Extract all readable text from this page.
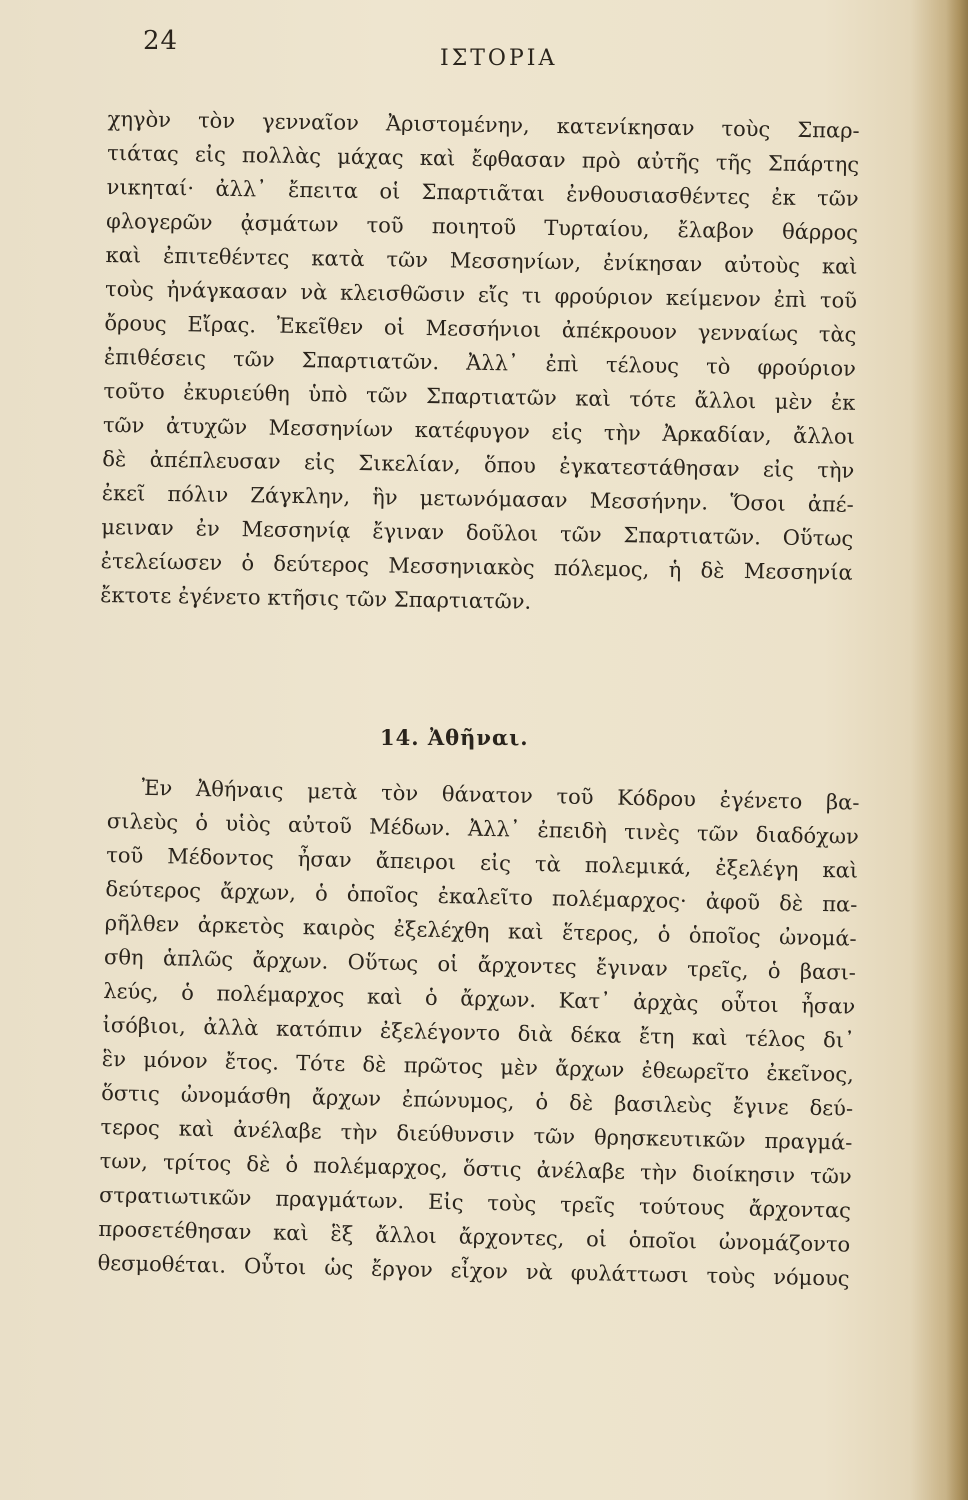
24
ΙΣΤΟΡΙΑ
χηγὸν τὸν γενναῖον Ἀριστομένην, κατενίκησαν τοὺς Σπαρ-
τιάτας εἰς πολλὰς μάχας καὶ ἔφθασαν πρὸ αὐτῆς τῆς Σπάρτης
νικηταί· ἀλλ᾽ ἔπειτα οἱ Σπαρτιᾶται ἐνθουσιασθέντες ἐκ τῶν
φλογερῶν ᾀσμάτων τοῦ ποιητοῦ Τυρταίου, ἔλαβον θάρρος
καὶ ἐπιτεθέντες κατὰ τῶν Μεσσηνίων, ἐνίκησαν αὐτοὺς καὶ
τοὺς ἠνάγκασαν νὰ κλεισθῶσιν εἴς τι φρούριον κείμενον ἐπὶ τοῦ
ὄρους Εἴρας. Ἐκεῖθεν οἱ Μεσσήνιοι ἀπέκρουον γενναίως τὰς
ἐπιθέσεις τῶν Σπαρτιατῶν. Ἀλλ᾽ ἐπὶ τέλους τὸ φρούριον
τοῦτο ἐκυριεύθη ὑπὸ τῶν Σπαρτιατῶν καὶ τότε ἄλλοι μὲν ἐκ
τῶν ἀτυχῶν Μεσσηνίων κατέφυγον εἰς τὴν Ἀρκαδίαν, ἄλλοι
δὲ ἀπέπλευσαν εἰς Σικελίαν, ὅπου ἐγκατεστάθησαν εἰς τὴν
ἐκεῖ πόλιν Ζάγκλην, ἣν μετωνόμασαν Μεσσήνην. Ὅσοι ἀπέ-
μειναν ἐν Μεσσηνίᾳ ἔγιναν δοῦλοι τῶν Σπαρτιατῶν. Οὕτως
ἐτελείωσεν ὁ δεύτερος Μεσσηνιακὸς πόλεμος, ἡ δὲ Μεσσηνία
ἔκτοτε ἐγένετο κτῆσις τῶν Σπαρτιατῶν.
14. Ἀθῆναι.
Ἐν Ἀθήναις μετὰ τὸν θάνατον τοῦ Κόδρου ἐγένετο βα-
σιλεὺς ὁ υἱὸς αὐτοῦ Μέδων. Ἀλλ᾽ ἐπειδὴ τινὲς τῶν διαδόχων
τοῦ Μέδοντος ἦσαν ἄπειροι εἰς τὰ πολεμικά, ἐξελέγη καὶ
δεύτερος ἄρχων, ὁ ὁποῖος ἐκαλεῖτο πολέμαρχος· ἀφοῦ δὲ πα-
ρῆλθεν ἀρκετὸς καιρὸς ἐξελέχθη καὶ ἕτερος, ὁ ὁποῖος ὠνομά-
σθη ἁπλῶς ἄρχων. Οὕτως οἱ ἄρχοντες ἔγιναν τρεῖς, ὁ βασι-
λεύς, ὁ πολέμαρχος καὶ ὁ ἄρχων. Κατ᾽ ἀρχὰς οὗτοι ἦσαν
ἰσόβιοι, ἀλλὰ κατόπιν ἐξελέγοντο διὰ δέκα ἔτη καὶ τέλος δι᾽
ἓν μόνον ἔτος. Τότε δὲ πρῶτος μὲν ἄρχων ἐθεωρεῖτο ἐκεῖνος,
ὅστις ὠνομάσθη ἄρχων ἐπώνυμος, ὁ δὲ βασιλεὺς ἔγινε δεύ-
τερος καὶ ἀνέλαβε τὴν διεύθυνσιν τῶν θρησκευτικῶν πραγμά-
των, τρίτος δὲ ὁ πολέμαρχος, ὅστις ἀνέλαβε τὴν διοίκησιν τῶν
στρατιωτικῶν πραγμάτων. Εἰς τοὺς τρεῖς τούτους ἄρχοντας
προσετέθησαν καὶ ἓξ ἄλλοι ἄρχοντες, οἱ ὁποῖοι ὠνομάζοντο
θεσμοθέται. Οὗτοι ὡς ἔργον εἶχον νὰ φυλάττωσι τοὺς νόμους
